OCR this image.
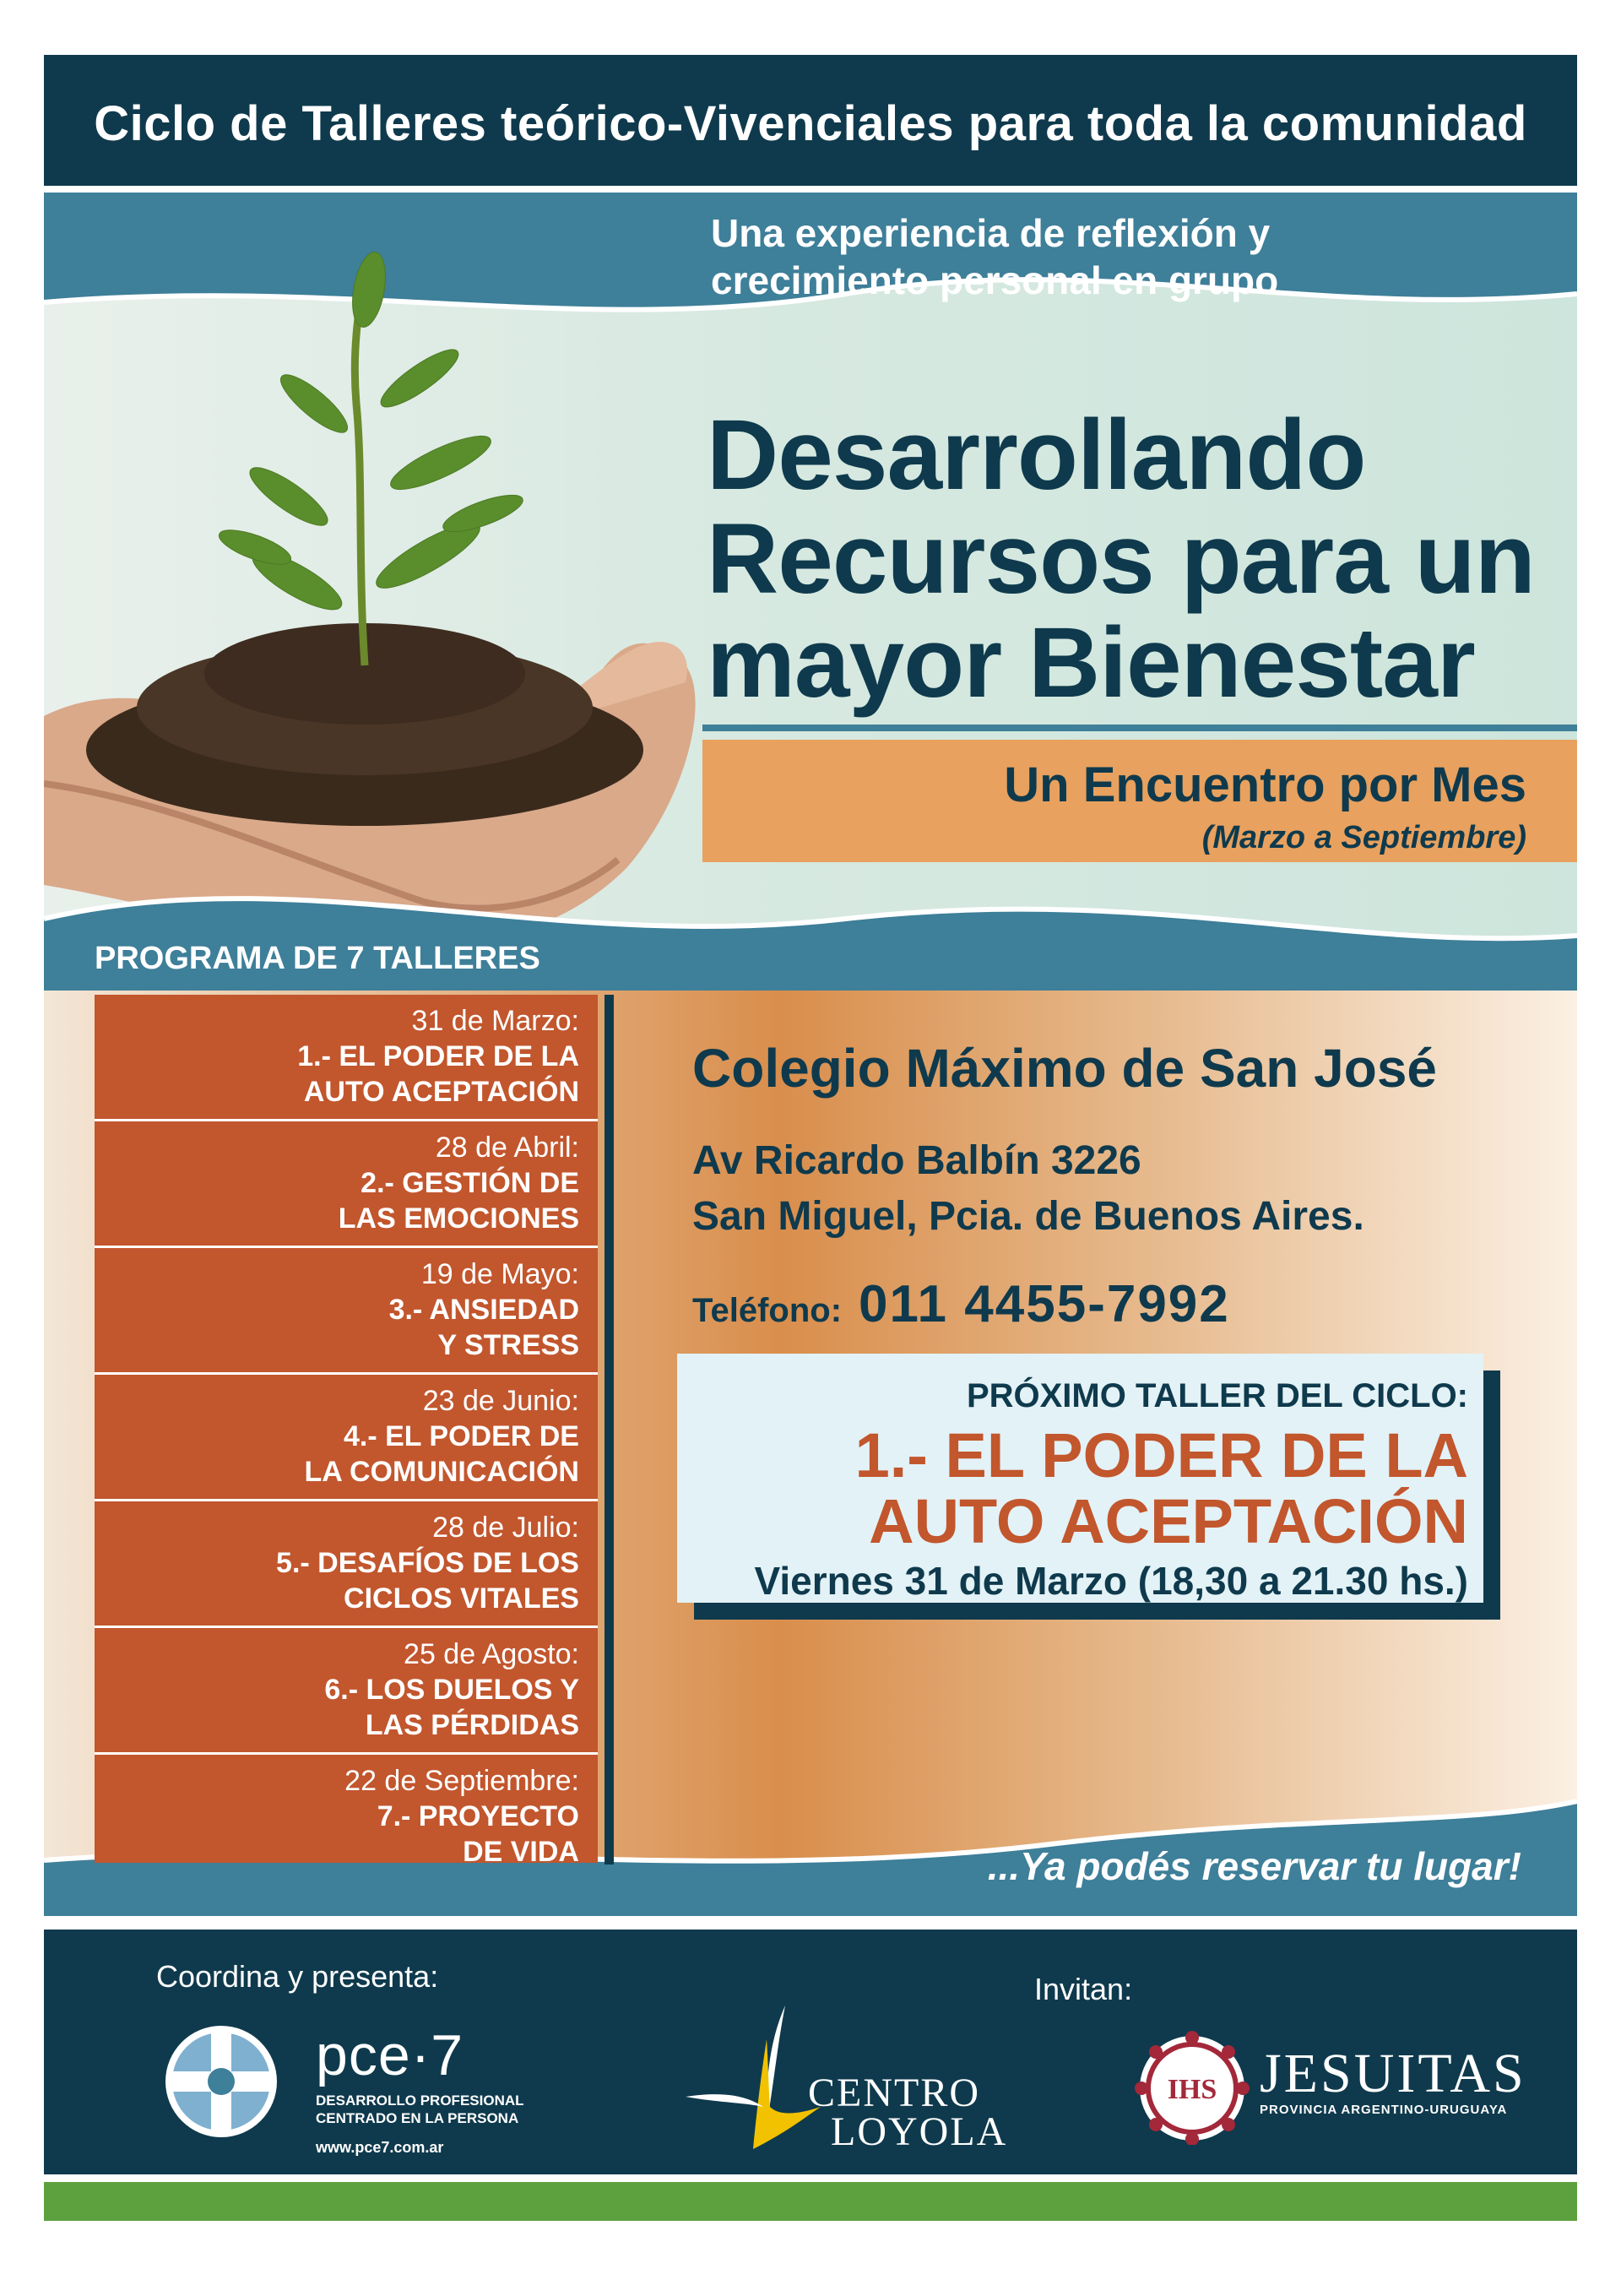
Ciclo de Talleres teórico-Vivenciales para toda la comunidad
Una experiencia de reflexión y
crecimiento personal en grupo
Desarrollando
Recursos para un
mayor Bienestar
Un Encuentro por Mes
(Marzo a Septiembre)
PROGRAMA DE 7 TALLERES
31 de Marzo:
1.- EL PODER DE LA
AUTO ACEPTACIÓN
28 de Abril:
2.- GESTIÓN DE
LAS EMOCIONES
19 de Mayo:
3.- ANSIEDAD
Y STRESS
23 de Junio:
4.- EL PODER DE
LA COMUNICACIÓN
28 de Julio:
5.- DESAFÍOS DE LOS
CICLOS VITALES
25 de Agosto:
6.- LOS DUELOS Y
LAS PÉRDIDAS
22 de Septiembre:
7.- PROYECTO
DE VIDA
Colegio Máximo de San José
Av Ricardo Balbín 3226
San Miguel, Pcia. de Buenos Aires.
Teléfono: 011 4455-7992
PRÓXIMO TALLER DEL CICLO:
1.- EL PODER DE LA
AUTO ACEPTACIÓN
Viernes 31 de Marzo (18,30 a 21.30 hs.)
...Ya podés reservar tu lugar!
Coordina y presenta:	Invitan:
pce·7
DESARROLLO PROFESIONAL
CENTRADO EN LA PERSONA
www.pce7.com.ar
CENTRO
LOYOLA
IHS JESUITAS
PROVINCIA ARGENTINO-URUGUAYA
